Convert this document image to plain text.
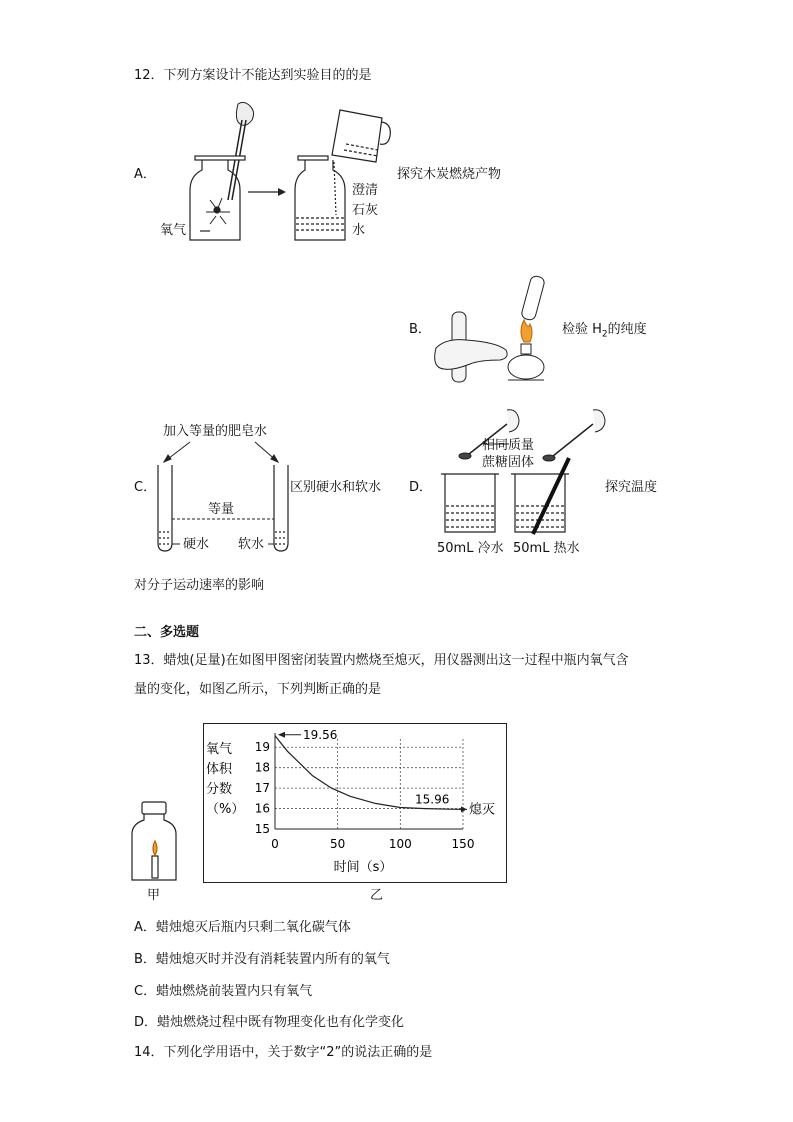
12．下列方案设计不能达到实验目的的是
A．
氧气
澄清
石灰
水
探究木炭燃烧产物
B．	检验 $H_2$的纯度
C．
加入等量的肥皂水
等量
硬水 软水
区别硬水和软水 D．
相同质量
蔗糖固体
50mL 冷水 50mL 热水
探究温度
对分子运动速率的影响
二、多选题
13．蜡烛(足量)在如图甲图密闭装置内燃烧至熄灭，用仪器测出这一过程中瓶内氧气含
量的变化，如图乙所示，下列判断正确的是
甲
氧气
体积
分数
（%）
0	50	100	150
15
16
17
18
19
19.56
15.96
熄灭
时间（s）
乙
A．蜡烛熄灭后瓶内只剩二氧化碳气体
B．蜡烛熄灭时并没有消耗装置内所有的氧气
C．蜡烛燃烧前装置内只有氧气
D．蜡烛燃烧过程中既有物理变化也有化学变化
14．下列化学用语中，关于数字“2”的说法正确的是
